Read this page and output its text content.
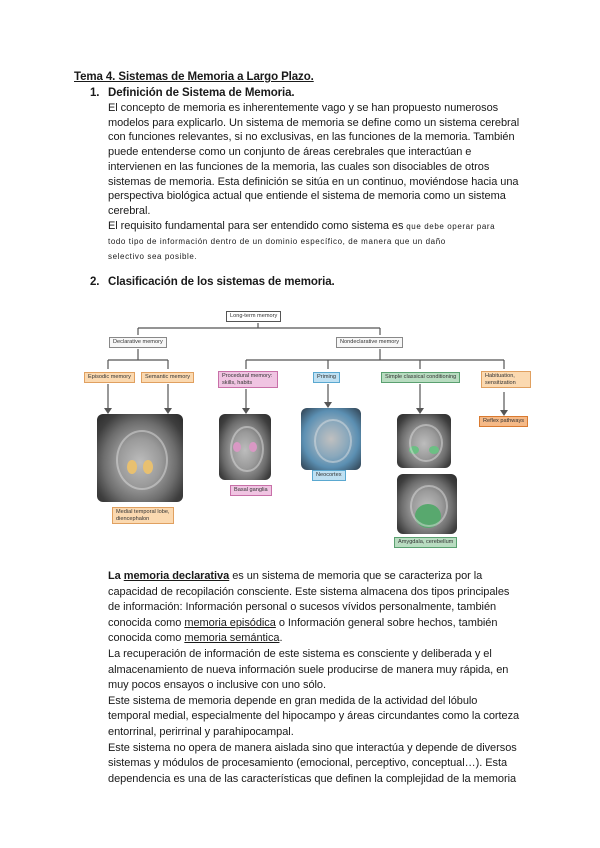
Tema 4. Sistemas de Memoria a Largo Plazo.
1. Definición de Sistema de Memoria.
El concepto de memoria es inherentemente vago y se han propuesto numerosos
modelos para explicarlo. Un sistema de memoria se define como un sistema cerebral
con funciones relevantes, si no exclusivas, en las funciones de la memoria. También
puede entenderse como un conjunto de áreas cerebrales que interactúan e
intervienen en las funciones de la memoria, las cuales son disociables de otros
sistemas de memoria. Esta definición se sitúa en un continuo, moviéndose hacia una
perspectiva biológica actual que entiende el sistema de memoria como un sistema
cerebral.
El requisito fundamental para ser entendido como sistema es que debe operar para
todo tipo de información dentro de un dominio específico, de manera que un daño
selectivo sea posible.
2. Clasificación de los sistemas de memoria.
Long-term memory
Declarative memory	Nondeclarative memory
Episodic memory	Semantic memory	Procedural memory: skills, habits
Priming	Simple classical conditioning	Habituation, sensitization
Medial temporal lobe, diencephalon
Basal ganglia
Neocortex
Amygdala, cerebellum
Reflex pathways
La memoria declarativa es un sistema de memoria que se caracteriza por la
capacidad de recopilación consciente. Este sistema almacena dos tipos principales
de información: Información personal o sucesos vívidos personalmente, también
conocida como memoria episódica o Información general sobre hechos, también
conocida como memoria semántica.
La recuperación de información de este sistema es consciente y deliberada y el
almacenamiento de nueva información suele producirse de manera muy rápida, en
muy pocos ensayos o inclusive con uno sólo.
Este sistema de memoria depende en gran medida de la actividad del lóbulo
temporal medial, especialmente del hipocampo y áreas circundantes como la corteza
entorrinal, perirrinal y parahipocampal.
Este sistema no opera de manera aislada sino que interactúa y depende de diversos
sistemas y módulos de procesamiento (emocional, perceptivo, conceptual…). Esta
dependencia es una de las características que definen la complejidad de la memoria
